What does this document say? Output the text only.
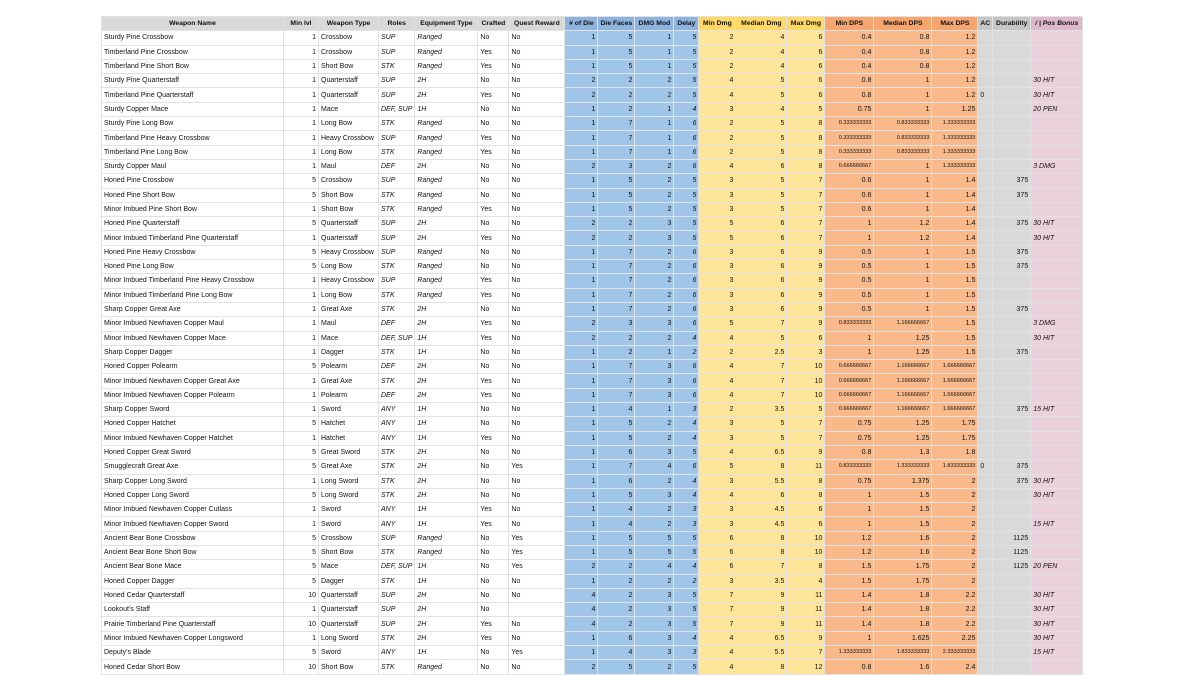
Weapon Name	Min lvl	Weapon Type	Roles	Equipment Type	Crafted	Quest Reward	# of Die	Die Faces	DMG Mod	Delay	Min Dmg	Median Dmg	Max Dmg	Min DPS	Median DPS	Max DPS	AC	Durability	/ | Pos Bonus
Sturdy Pine Crossbow	1	Crossbow	SUP	Ranged	No	No	1	5	1	5	2	4	6	0.4	0.8	1.2			
Timberland Pine Crossbow	1	Crossbow	SUP	Ranged	Yes	No	1	5	1	5	2	4	6	0.4	0.8	1.2			
Timberland Pine Short Bow	1	Short Bow	STK	Ranged	Yes	No	1	5	1	5	2	4	6	0.4	0.8	1.2			
Sturdy Pine Quarterstaff	1	Quarterstaff	SUP	2H	No	No	2	2	2	5	4	5	6	0.8	1	1.2			30 HIT
Timberland Pine Quarterstaff	1	Quarterstaff	SUP	2H	Yes	No	2	2	2	5	4	5	6	0.8	1	1.2	0		30 HIT
Sturdy Copper Mace	1	Mace	DEF, SUP	1H	No	No	1	2	1	4	3	4	5	0.75	1	1.25			20 PEN
Sturdy Pine Long Bow	1	Long Bow	STK	Ranged	No	No	1	7	1	6	2	5	8	0.333333333	0.833333333	1.333333333			
Timberland Pine Heavy Crossbow	1	Heavy Crossbow	SUP	Ranged	Yes	No	1	7	1	6	2	5	8	0.333333333	0.833333333	1.333333333			
Timberland Pine Long Bow	1	Long Bow	STK	Ranged	Yes	No	1	7	1	6	2	5	8	0.333333333	0.833333333	1.333333333			
Sturdy Copper Maul	1	Maul	DEF	2H	No	No	2	3	2	6	4	6	8	0.666666667	1	1.333333333			3 DMG
Honed Pine Crossbow	5	Crossbow	SUP	Ranged	No	No	1	5	2	5	3	5	7	0.6	1	1.4		375	
Honed Pine Short Bow	5	Short Bow	STK	Ranged	No	No	1	5	2	5	3	5	7	0.6	1	1.4		375	
Minor Imbued Pine Short Bow	1	Short Bow	STK	Ranged	Yes	No	1	5	2	5	3	5	7	0.6	1	1.4			
Honed Pine Quarterstaff	5	Quarterstaff	SUP	2H	No	No	2	2	3	5	5	6	7	1	1.2	1.4		375	30 HIT
Minor Imbued Timberland Pine Quarterstaff	1	Quarterstaff	SUP	2H	Yes	No	2	2	3	5	5	6	7	1	1.2	1.4			30 HIT
Honed Pine Heavy Crossbow	5	Heavy Crossbow	SUP	Ranged	No	No	1	7	2	6	3	6	9	0.5	1	1.5		375	
Honed Pine Long Bow	5	Long Bow	STK	Ranged	No	No	1	7	2	6	3	6	9	0.5	1	1.5		375	
Minor Imbued Timberland Pine Heavy Crossbow	1	Heavy Crossbow	SUP	Ranged	Yes	No	1	7	2	6	3	6	9	0.5	1	1.5			
Minor Imbued Timberland Pine Long Bow	1	Long Bow	STK	Ranged	Yes	No	1	7	2	6	3	6	9	0.5	1	1.5			
Sharp Copper Great Axe	1	Great Axe	STK	2H	No	No	1	7	2	6	3	6	9	0.5	1	1.5		375	
Minor Imbued Newhaven Copper Maul	1	Maul	DEF	2H	Yes	No	2	3	3	6	5	7	9	0.833333333	1.166666667	1.5			3 DMG
Minor Imbued Newhaven Copper Mace	1	Mace	DEF, SUP	1H	Yes	No	2	2	2	4	4	5	6	1	1.25	1.5			30 HIT
Sharp Copper Dagger	1	Dagger	STK	1H	No	No	1	2	1	2	2	2.5	3	1	1.25	1.5		375	
Honed Copper Polearm	5	Polearm	DEF	2H	No	No	1	7	3	6	4	7	10	0.666666667	1.166666667	1.666666667			
Minor Imbued Newhaven Copper Great Axe	1	Great Axe	STK	2H	Yes	No	1	7	3	6	4	7	10	0.666666667	1.166666667	1.666666667			
Minor Imbued Newhaven Copper Polearm	1	Polearm	DEF	2H	Yes	No	1	7	3	6	4	7	10	0.666666667	1.166666667	1.666666667			
Sharp Copper Sword	1	Sword	ANY	1H	No	No	1	4	1	3	2	3.5	5	0.666666667	1.166666667	1.666666667		375	15 HIT
Honed Copper Hatchet	5	Hatchet	ANY	1H	No	No	1	5	2	4	3	5	7	0.75	1.25	1.75			
Minor Imbued Newhaven Copper Hatchet	1	Hatchet	ANY	1H	Yes	No	1	5	2	4	3	5	7	0.75	1.25	1.75			
Honed Copper Great Sword	5	Great Sword	STK	2H	No	No	1	6	3	5	4	6.5	9	0.8	1.3	1.8			
Smugglecraft Great Axe	5	Great Axe	STK	2H	No	Yes	1	7	4	6	5	8	11	0.833333333	1.333333333	1.833333333	0	375	
Sharp Copper Long Sword	1	Long Sword	STK	2H	No	No	1	6	2	4	3	5.5	8	0.75	1.375	2		375	30 HIT
Honed Copper Long Sword	5	Long Sword	STK	2H	No	No	1	5	3	4	4	6	8	1	1.5	2			30 HIT
Minor Imbued Newhaven Copper Cutlass	1	Sword	ANY	1H	Yes	No	1	4	2	3	3	4.5	6	1	1.5	2			
Minor Imbued Newhaven Copper Sword	1	Sword	ANY	1H	Yes	No	1	4	2	3	3	4.5	6	1	1.5	2			15 HIT
Ancient Bear Bone Crossbow	5	Crossbow	SUP	Ranged	No	Yes	1	5	5	5	6	8	10	1.2	1.6	2		1125	
Ancient Bear Bone Short Bow	5	Short Bow	STK	Ranged	No	Yes	1	5	5	5	6	8	10	1.2	1.6	2		1125	
Ancient Bear Bone Mace	5	Mace	DEF, SUP	1H	No	Yes	2	2	4	4	6	7	8	1.5	1.75	2		1125	20 PEN
Honed Copper Dagger	5	Dagger	STK	1H	No	No	1	2	2	2	3	3.5	4	1.5	1.75	2			
Honed Cedar Quarterstaff	10	Quarterstaff	SUP	2H	No	No	4	2	3	5	7	9	11	1.4	1.8	2.2			30 HIT
Lookout's Staff	1	Quarterstaff	SUP	2H	No		4	2	3	5	7	9	11	1.4	1.8	2.2			30 HIT
Prairie Timberland Pine Quarterstaff	10	Quarterstaff	SUP	2H	Yes	No	4	2	3	5	7	9	11	1.4	1.8	2.2			30 HIT
Minor Imbued Newhaven Copper Longsword	1	Long Sword	STK	2H	Yes	No	1	6	3	4	4	6.5	9	1	1.625	2.25			30 HIT
Deputy's Blade	5	Sword	ANY	1H	No	Yes	1	4	3	3	4	5.5	7	1.333333333	1.833333333	2.333333333			15 HIT
Honed Cedar Short Bow	10	Short Bow	STK	Ranged	No	No	2	5	2	5	4	8	12	0.8	1.6	2.4			
